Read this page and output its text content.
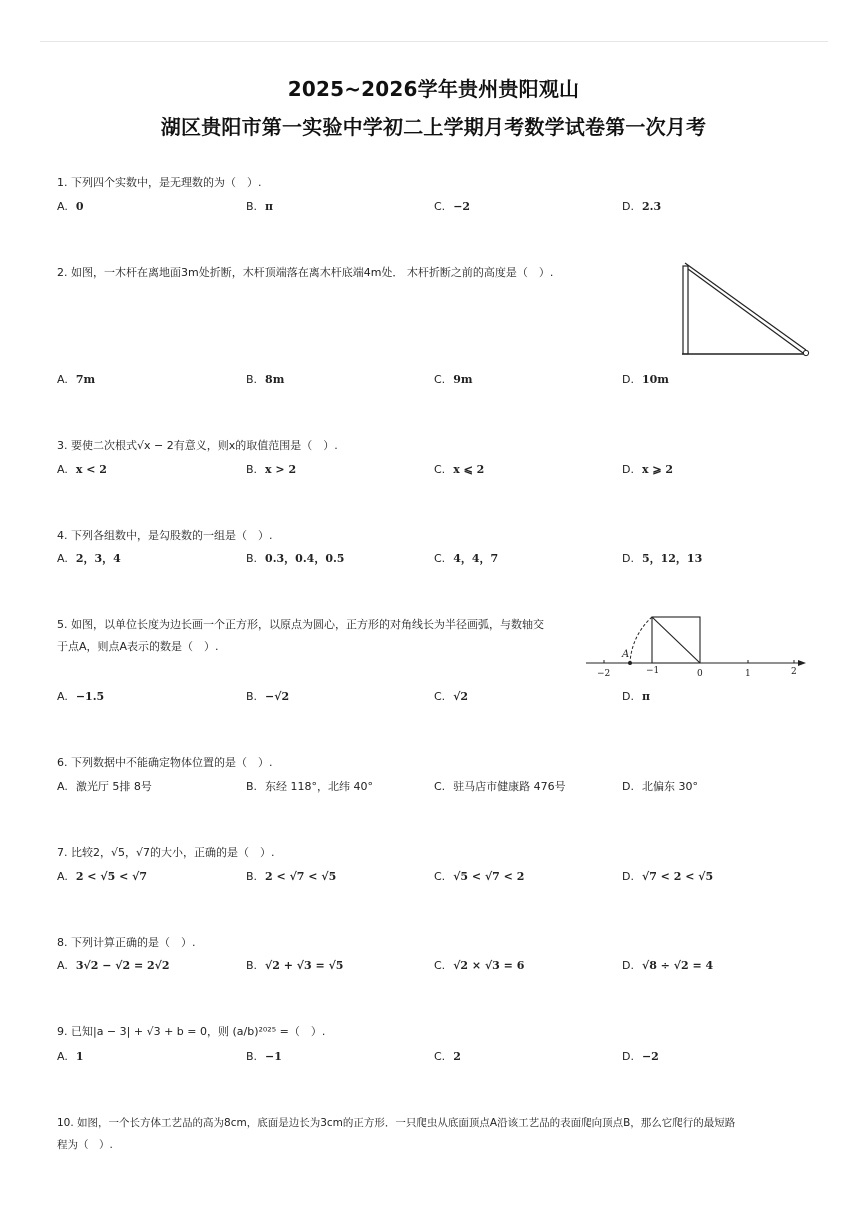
2025~2026学年贵州贵阳观山
湖区贵阳市第一实验中学初二上学期月考数学试卷第一次月考
1. 下列四个实数中，是无理数的为（　）.
A. 0	B. π	C. −2	D. 2.3
2. 如图，一木杆在离地面3m处折断，木杆顶端落在离木杆底端4m处． 木杆折断之前的高度是（　）.
A. 7m	B. 8m	C. 9m	D. 10m
3. 要使二次根式√x − 2有意义，则x的取值范围是（　）.
A. x < 2	B. x > 2	C. x ⩽ 2	D. x ⩾ 2
4. 下列各组数中，是勾股数的一组是（　）.
A. 2，3，4	B. 0.3，0.4，0.5	C. 4，4，7	D. 5，12，13
5. 如图，以单位长度为边长画一个正方形，以原点为圆心，正方形的对角线长为半径画弧，与数轴交
于点A，则点A表示的数是（　）.
A. −1.5	B. −√2	C. √2	D. π
A
−2	−1	0	1	2
6. 下列数据中不能确定物体位置的是（　）.
A. 激光厅 5排 8号	B. 东经 118°，北纬 40°	C. 驻马店市健康路 476号	D. 北偏东 30°
7. 比较2，√5，√7的大小，正确的是（　）.
A. 2 < √5 < √7	B. 2 < √7 < √5	C. √5 < √7 < 2	D. √7 < 2 < √5
8. 下列计算正确的是（　）.
A. 3√2 − √2 = 2√2	B. √2 + √3 = √5	C. √2 × √3 = 6	D. √8 ÷ √2 = 4
9. 已知|a − 3| + √3 + b = 0，则 (a/b)²⁰²⁵ =（　）.
A. 1	B. −1	C. 2	D. −2
10. 如图，一个长方体工艺品的高为8cm，底面是边长为3cm的正方形．一只爬虫从底面顶点A沿该工艺品的表面爬向顶点B，那么它爬行的最短路
程为（　）.
